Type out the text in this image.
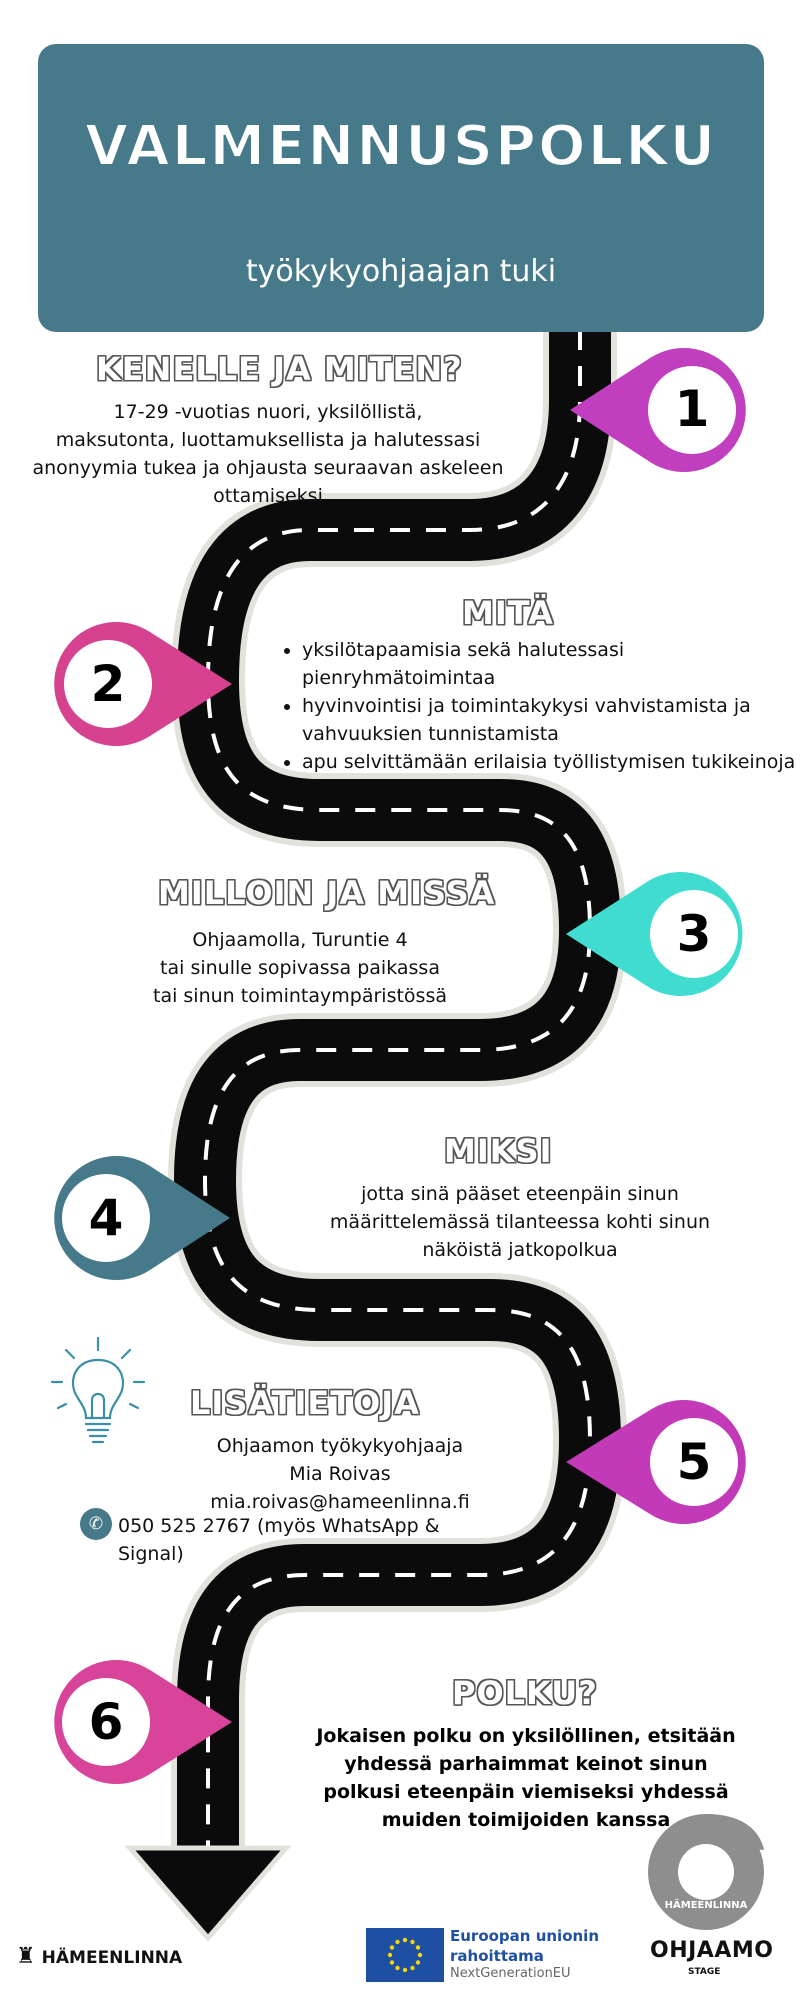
1
2
3
4
5
6
HÄMEENLINNA
VALMENNUSPOLKU
työkykyohjaajan tuki
KENELLE JA MITEN?
17-29 -vuotias nuori, yksilöllistä,
maksutonta, luottamuksellista ja halutessasi
anonyymia tukea ja ohjausta seuraavan askeleen
ottamiseksi
MITÄ
• yksilötapaamisia sekä halutessasi pienryhmätoimintaa
• hyvinvointisi ja toimintakykysi vahvistamista ja vahvuuksien tunnistamista
• apu selvittämään erilaisia työllistymisen tukikeinoja
MILLOIN JA MISSÄ
Ohjaamolla, Turuntie 4
tai sinulle sopivassa paikassa
tai sinun toimintaympäristössä
MIKSI
jotta sinä pääset eteenpäin sinun
määrittelemässä tilanteessa kohti sinun
näköistä jatkopolkua
LISÄTIETOJA
Ohjaamon työkykyohjaaja
Mia Roivas
mia.roivas@hameenlinna.fi
✆ 050 525 2767 (myös WhatsApp & Signal)
POLKU?
Jokaisen polku on yksilöllinen, etsitään
yhdessä parhaimmat keinot sinun
polkusi eteenpäin viemiseksi yhdessä
muiden toimijoiden kanssa
♜ HÄMEENLINNA
Euroopan unionin
rahoittama
NextGenerationEU
OHJAAMO
STAGE
